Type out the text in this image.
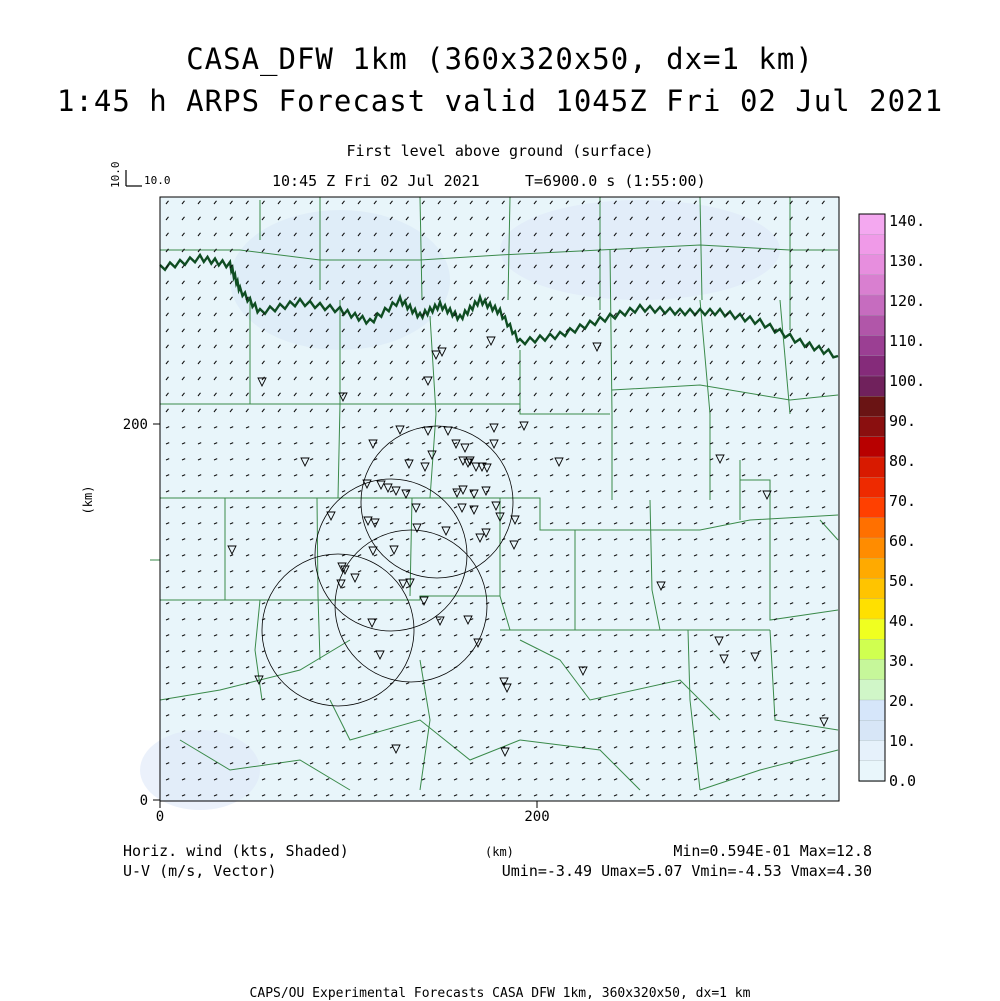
CASA_DFW 1km (360x320x50, dx=1 km)
1:45 h ARPS Forecast valid 1045Z Fri 02 Jul 2021
First level above ground (surface)
10:45 Z Fri 02 Jul 2021	T=6900.0 s (1:55:00)
10.0 10.0
200
0
0	200
(km)
140.
130.
120.
110.
100.
90.
80.
70.
60.
50.
40.
30.
20.
10.
0.0
Horiz. wind (kts, Shaded)
U-V (m/s, Vector)
(km)	Min=0.594E-01 Max=12.8
Umin=-3.49 Umax=5.07 Vmin=-4.53 Vmax=4.30
CAPS/OU Experimental Forecasts CASA DFW 1km, 360x320x50, dx=1 km
